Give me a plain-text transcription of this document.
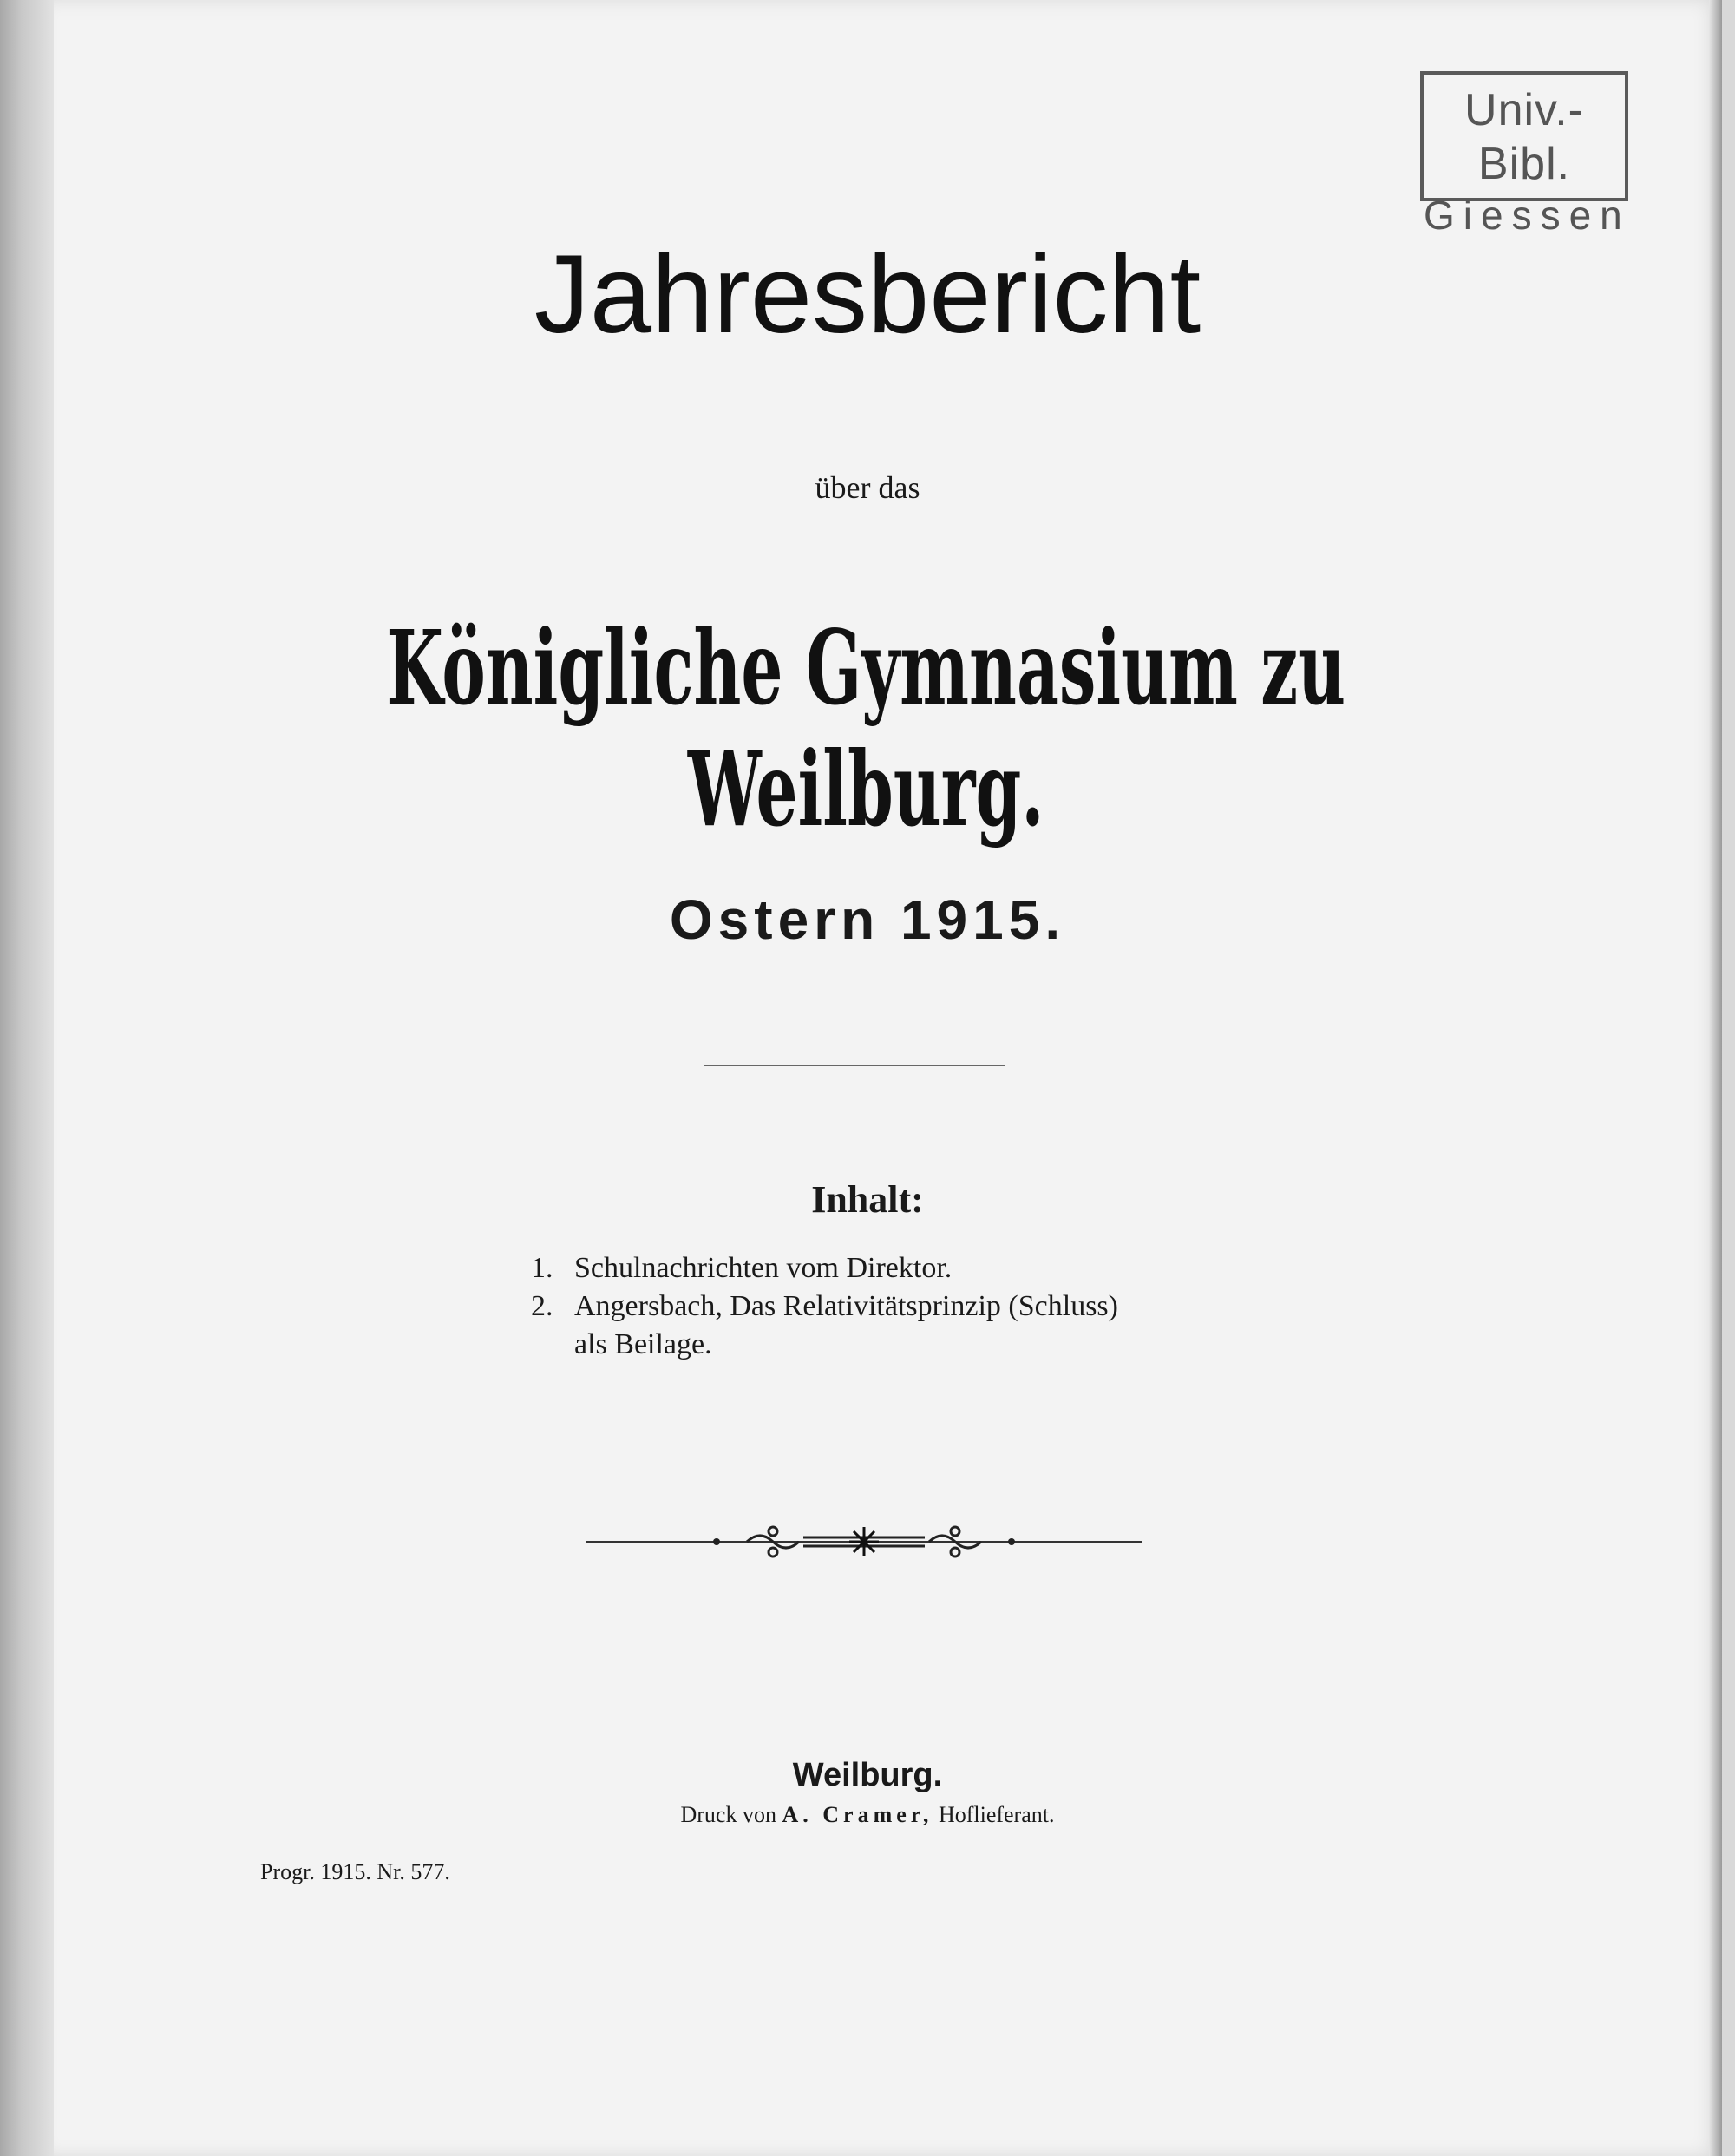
Univ.-Bibl.
Giessen
Jahresbericht
über das
Königliche Gymnasium zu Weilburg.
Ostern 1915.
Inhalt:
1. Schulnachrichten vom Direktor.
2. Angersbach, Das Relativitätsprinzip (Schluss)
als Beilage.
Weilburg.
Druck von A. Cramer, Hoflieferant.
Progr. 1915. Nr. 577.
